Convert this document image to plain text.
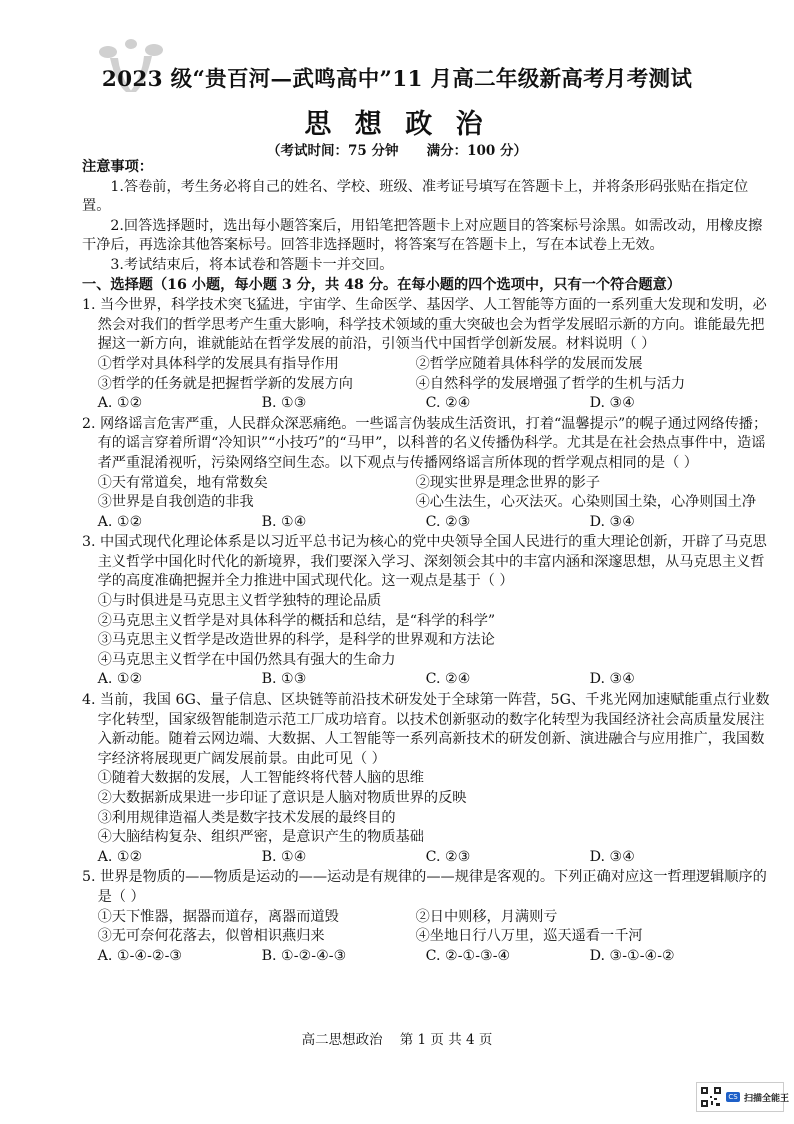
2023 级“贵百河—武鸣高中”11 月高二年级新高考月考测试
思 想 政 治
（考试时间：75 分钟      满分：100 分）
注意事项：
1.答卷前，考生务必将自己的姓名、学校、班级、准考证号填写在答题卡上，并将条形码张贴在指定位置。
2.回答选择题时，选出每小题答案后，用铅笔把答题卡上对应题目的答案标号涂黑。如需改动，用橡皮擦干净后，再选涂其他答案标号。回答非选择题时，将答案写在答题卡上，写在本试卷上无效。
3.考试结束后，将本试卷和答题卡一并交回。
一、选择题（16 小题，每小题 3 分，共 48 分。在每小题的四个选项中，只有一个符合题意）
1. 当今世界，科学技术突飞猛进，宇宙学、生命医学、基因学、人工智能等方面的一系列重大发现和发明，必然会对我们的哲学思考产生重大影响，科学技术领域的重大突破也会为哲学发展昭示新的方向。谁能最先把握这一新方向，谁就能站在哲学发展的前沿，引领当代中国哲学创新发展。材料说明（ ）
①哲学对具体科学的发展具有指导作用	②哲学应随着具体科学的发展而发展
③哲学的任务就是把握哲学新的发展方向	④自然科学的发展增强了哲学的生机与活力
A. ①②	B. ①③	C. ②④	D. ③④
2. 网络谣言危害严重，人民群众深恶痛绝。一些谣言伪装成生活资讯，打着“温馨提示”的幌子通过网络传播；有的谣言穿着所谓“冷知识”“小技巧”的“马甲”，以科普的名义传播伪科学。尤其是在社会热点事件中，造谣者严重混淆视听，污染网络空间生态。以下观点与传播网络谣言所体现的哲学观点相同的是（ ）
①天有常道矣，地有常数矣	②现实世界是理念世界的影子
③世界是自我创造的非我	④心生法生，心灭法灭。心染则国土染，心净则国土净
A. ①②	B. ①④	C. ②③	D. ③④
3. 中国式现代化理论体系是以习近平总书记为核心的党中央领导全国人民进行的重大理论创新，开辟了马克思主义哲学中国化时代化的新境界，我们要深入学习、深刻领会其中的丰富内涵和深邃思想，从马克思主义哲学的高度准确把握并全力推进中国式现代化。这一观点是基于（ ）
①与时俱进是马克思主义哲学独特的理论品质
②马克思主义哲学是对具体科学的概括和总结，是“科学的科学”
③马克思主义哲学是改造世界的科学，是科学的世界观和方法论
④马克思主义哲学在中国仍然具有强大的生命力
A. ①②	B. ①③	C. ②④	D. ③④
4. 当前，我国 6G、量子信息、区块链等前沿技术研发处于全球第一阵营，5G、千兆光网加速赋能重点行业数字化转型，国家级智能制造示范工厂成功培育。以技术创新驱动的数字化转型为我国经济社会高质量发展注入新动能。随着云网边端、大数据、人工智能等一系列高新技术的研发创新、演进融合与应用推广，我国数字经济将展现更广阔发展前景。由此可见（ ）
①随着大数据的发展，人工智能终将代替人脑的思维
②大数据新成果进一步印证了意识是人脑对物质世界的反映
③利用规律造福人类是数字技术发展的最终目的
④大脑结构复杂、组织严密，是意识产生的物质基础
A. ①②	B. ①④	C. ②③	D. ③④
5. 世界是物质的——物质是运动的——运动是有规律的——规律是客观的。下列正确对应这一哲理逻辑顺序的是（ ）
①天下惟器，据器而道存，离器而道毁	②日中则移，月满则亏
③无可奈何花落去，似曾相识燕归来	④坐地日行八万里，巡天遥看一千河
A. ①-④-②-③	B. ①-②-④-③	C. ②-①-③-④	D. ③-①-④-②
高二思想政治    第 1 页 共 4 页
CS 扫描全能王
